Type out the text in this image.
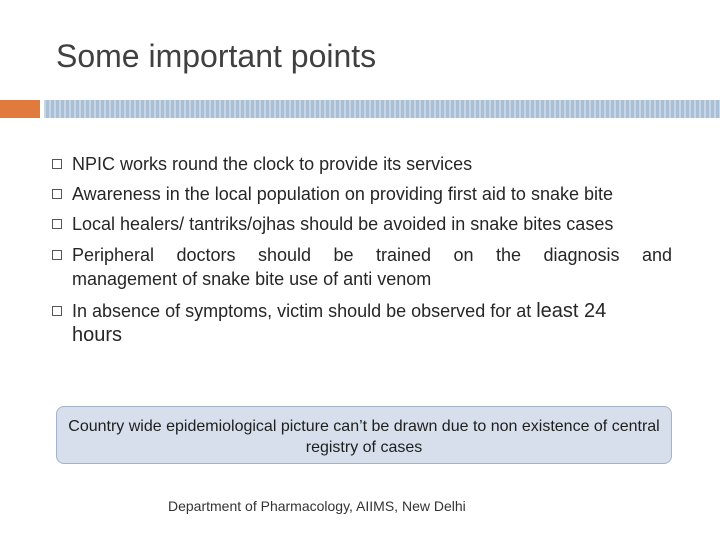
Some important points
NPIC works round the clock to provide its services
Awareness in the local population on providing first aid to snake bite
Local healers/ tantriks/ojhas should be avoided in snake bites cases
Peripheral doctors should be trained on the diagnosis and
management of snake bite use of anti venom
In absence of symptoms, victim should be observed for at least 24
hours
Country wide epidemiological picture can’t be drawn due to non existence of central registry of cases
Department of Pharmacology, AIIMS, New Delhi
